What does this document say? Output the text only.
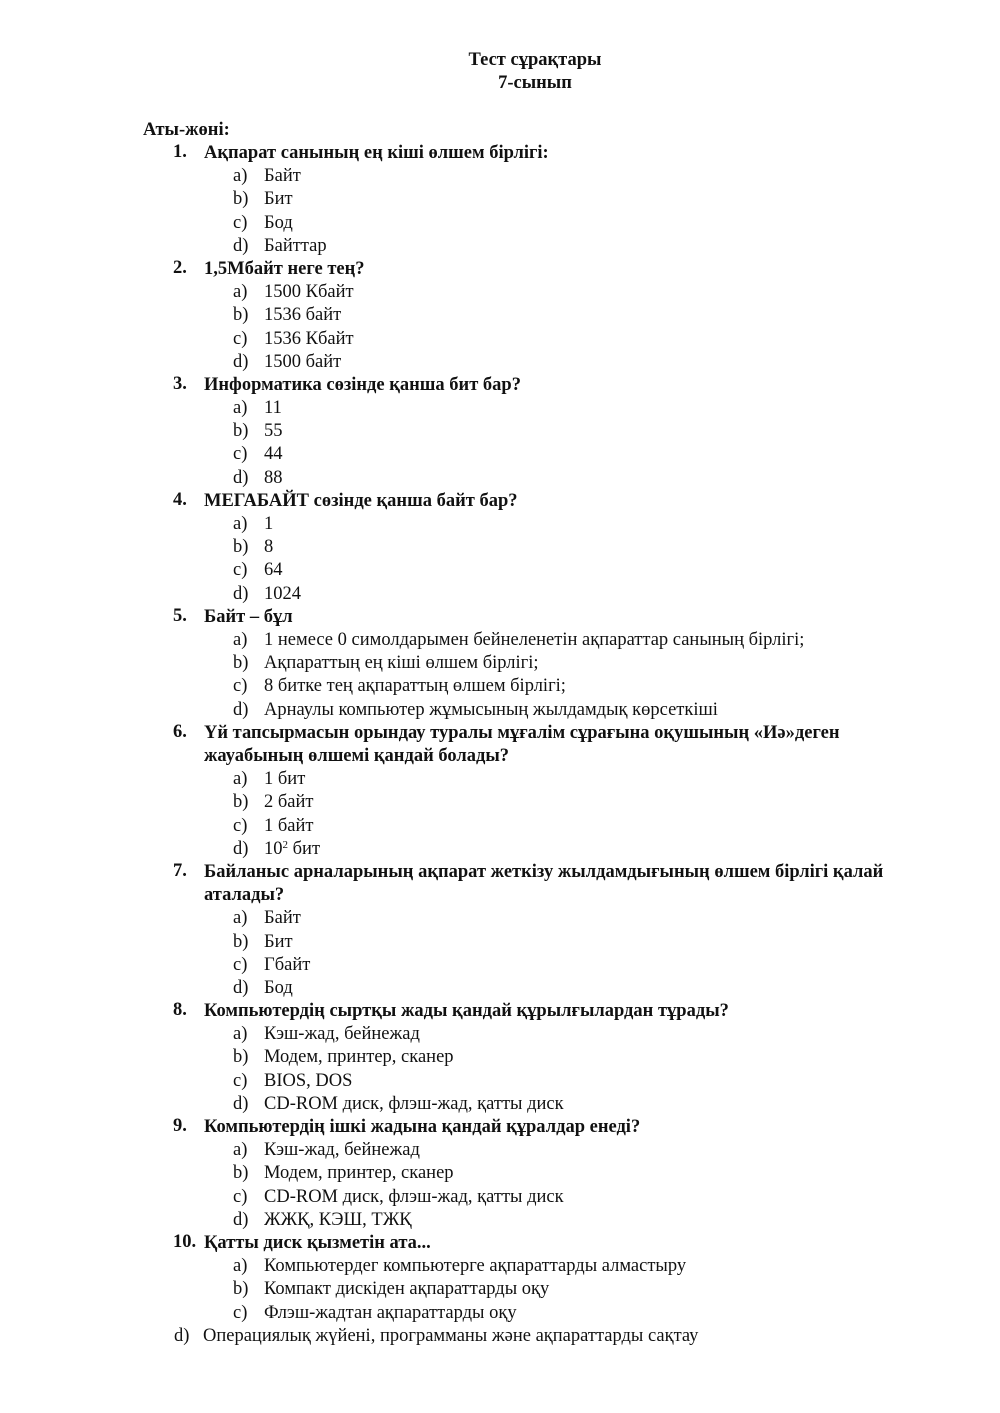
Тест сұрақтары
7-сынып
Аты-жөні:
1. Ақпарат санының ең кіші өлшем бірлігі:
a) Байт
b) Бит
c) Бод
d) Байттар
2. 1,5Мбайт неге тең?
a) 1500 Кбайт
b) 1536 байт
c) 1536 Кбайт
d) 1500 байт
3. Информатика сөзінде қанша бит бар?
a) 11
b) 55
c) 44
d) 88
4. МЕГАБАЙТ сөзінде қанша байт бар?
a) 1
b) 8
c) 64
d) 1024
5. Байт – бұл
a) 1 немесе 0 симолдарымен бейнеленетін ақпараттар санының бірлігі;
b) Ақпараттың ең кіші өлшем бірлігі;
c) 8 битке тең ақпараттың өлшем бірлігі;
d) Арнаулы компьютер жұмысының жылдамдық көрсеткіші
6. Үй тапсырмасын орындау туралы мұғалім сұрағына оқушының «Иә»деген жауабының өлшемі қандай болады?
a) 1 бит
b) 2 байт
c) 1 байт
d) $10^2$ бит
7. Байланыс арналарының ақпарат жеткізу жылдамдығының өлшем бірлігі қалай аталады?
a) Байт
b) Бит
c) Гбайт
d) Бод
8. Компьютердің сыртқы жады қандай құрылғылардан тұрады?
a) Кэш-жад, бейнежад
b) Модем, принтер, сканер
c) BIOS, DOS
d) CD-ROM диск, флэш-жад, қатты диск
9. Компьютердің ішкі жадына қандай құралдар енеді?
a) Кэш-жад, бейнежад
b) Модем, принтер, сканер
c) CD-ROM диск, флэш-жад, қатты диск
d) ЖЖҚ, КЭШ, ТЖҚ
10. Қатты диск қызметін ата...
a) Компьютердег компьютерге ақпараттарды алмастыру
b) Компакт дискіден ақпараттарды оқу
c) Флэш-жадтан ақпараттарды оқу
d) Операциялық жүйені, программаны және ақпараттарды сақтау
